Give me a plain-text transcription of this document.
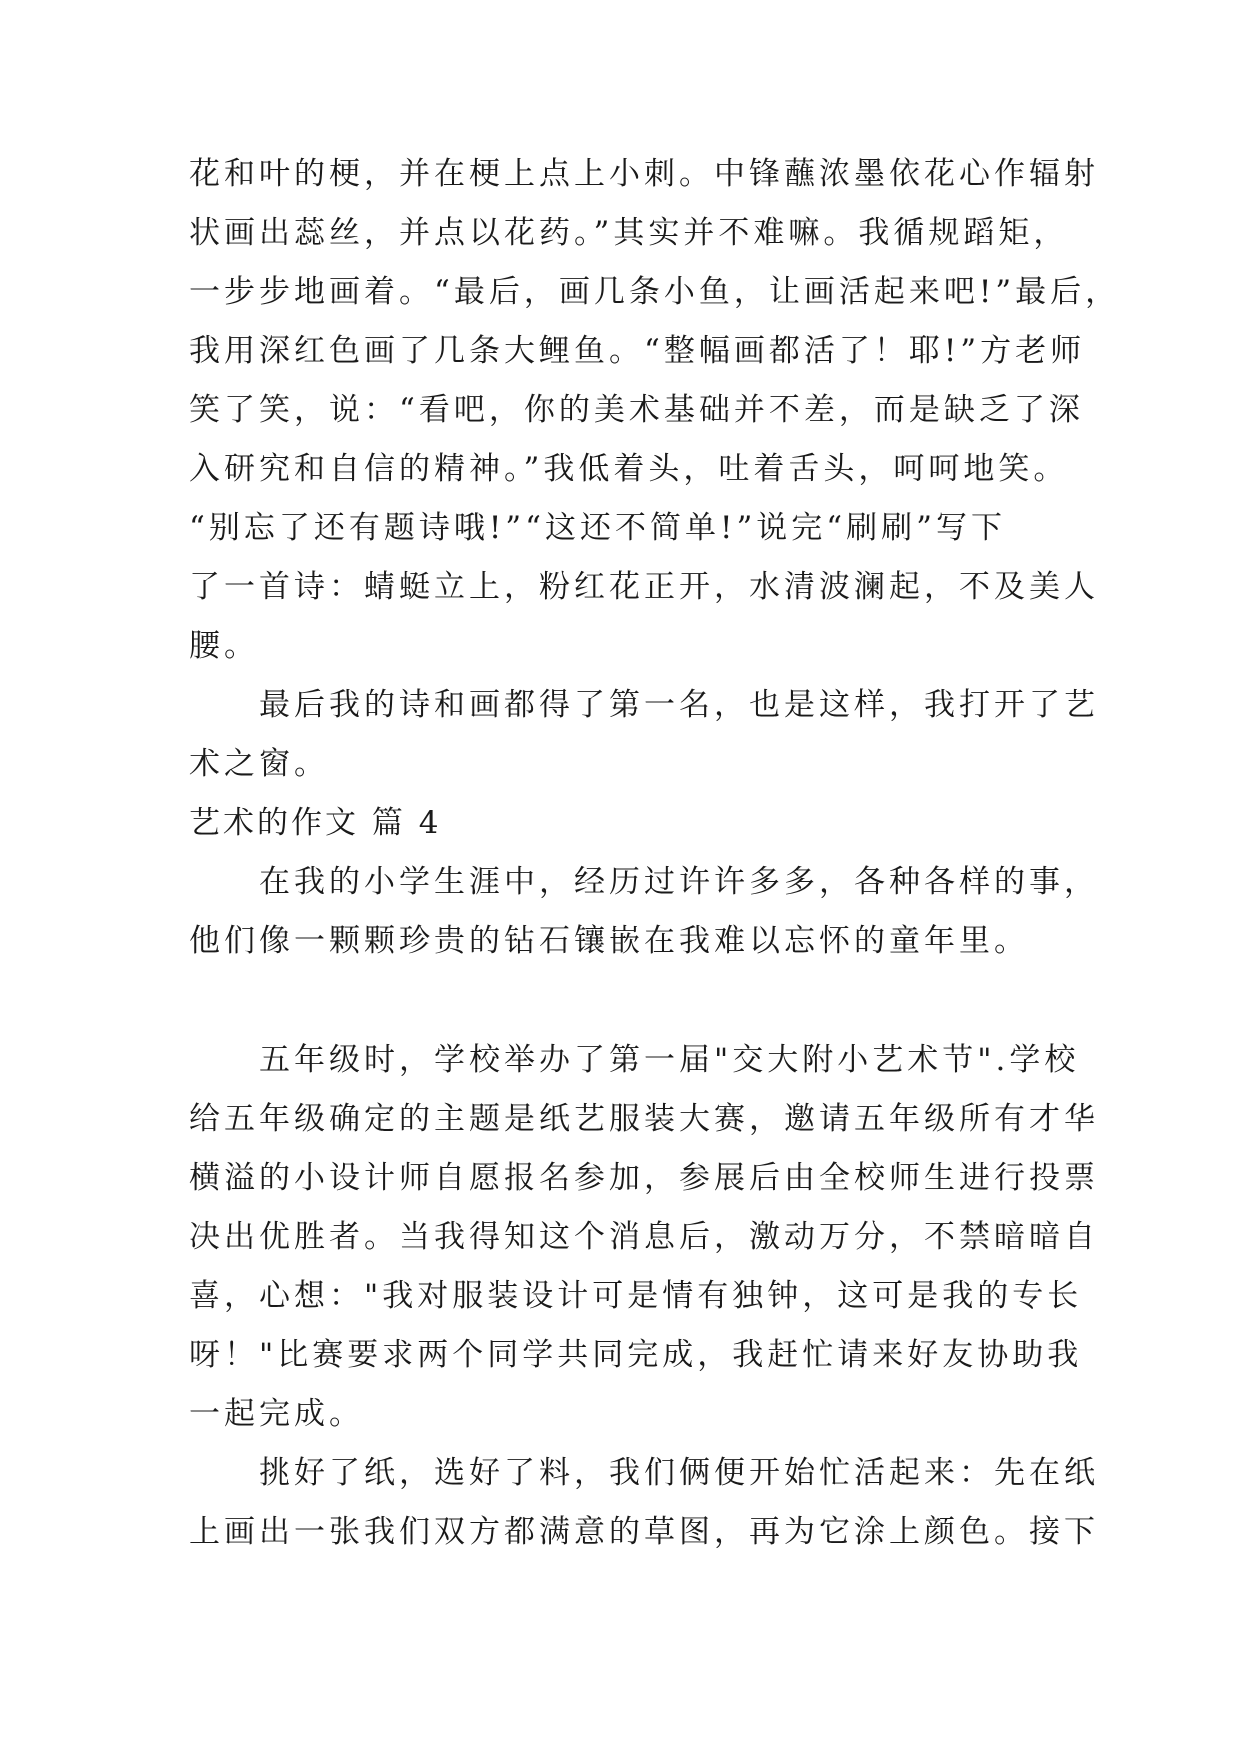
花和叶的梗，并在梗上点上小刺。中锋蘸浓墨依花心作辐射
状画出蕊丝，并点以花药。”其实并不难嘛。我循规蹈矩，
一步步地画着。“最后，画几条小鱼，让画活起来吧!”最后，
我用深红色画了几条大鲤鱼。“整幅画都活了！耶!”方老师
笑了笑，说：“看吧，你的美术基础并不差，而是缺乏了深
入研究和自信的精神。”我低着头，吐着舌头，呵呵地笑。
“别忘了还有题诗哦!”“这还不简单!”说完“刷刷”写下
了一首诗：蜻蜓立上，粉红花正开，水清波澜起，不及美人
腰。
最后我的诗和画都得了第一名，也是这样，我打开了艺
术之窗。
艺术的作文 篇 4
在我的小学生涯中，经历过许许多多，各种各样的事，
他们像一颗颗珍贵的钻石镶嵌在我难以忘怀的童年里。
五年级时，学校举办了第一届"交大附小艺术节".学校
给五年级确定的主题是纸艺服装大赛，邀请五年级所有才华
横溢的小设计师自愿报名参加，参展后由全校师生进行投票
决出优胜者。当我得知这个消息后，激动万分，不禁暗暗自
喜，心想："我对服装设计可是情有独钟，这可是我的专长
呀！"比赛要求两个同学共同完成，我赶忙请来好友协助我
一起完成。
挑好了纸，选好了料，我们俩便开始忙活起来：先在纸
上画出一张我们双方都满意的草图，再为它涂上颜色。接下
